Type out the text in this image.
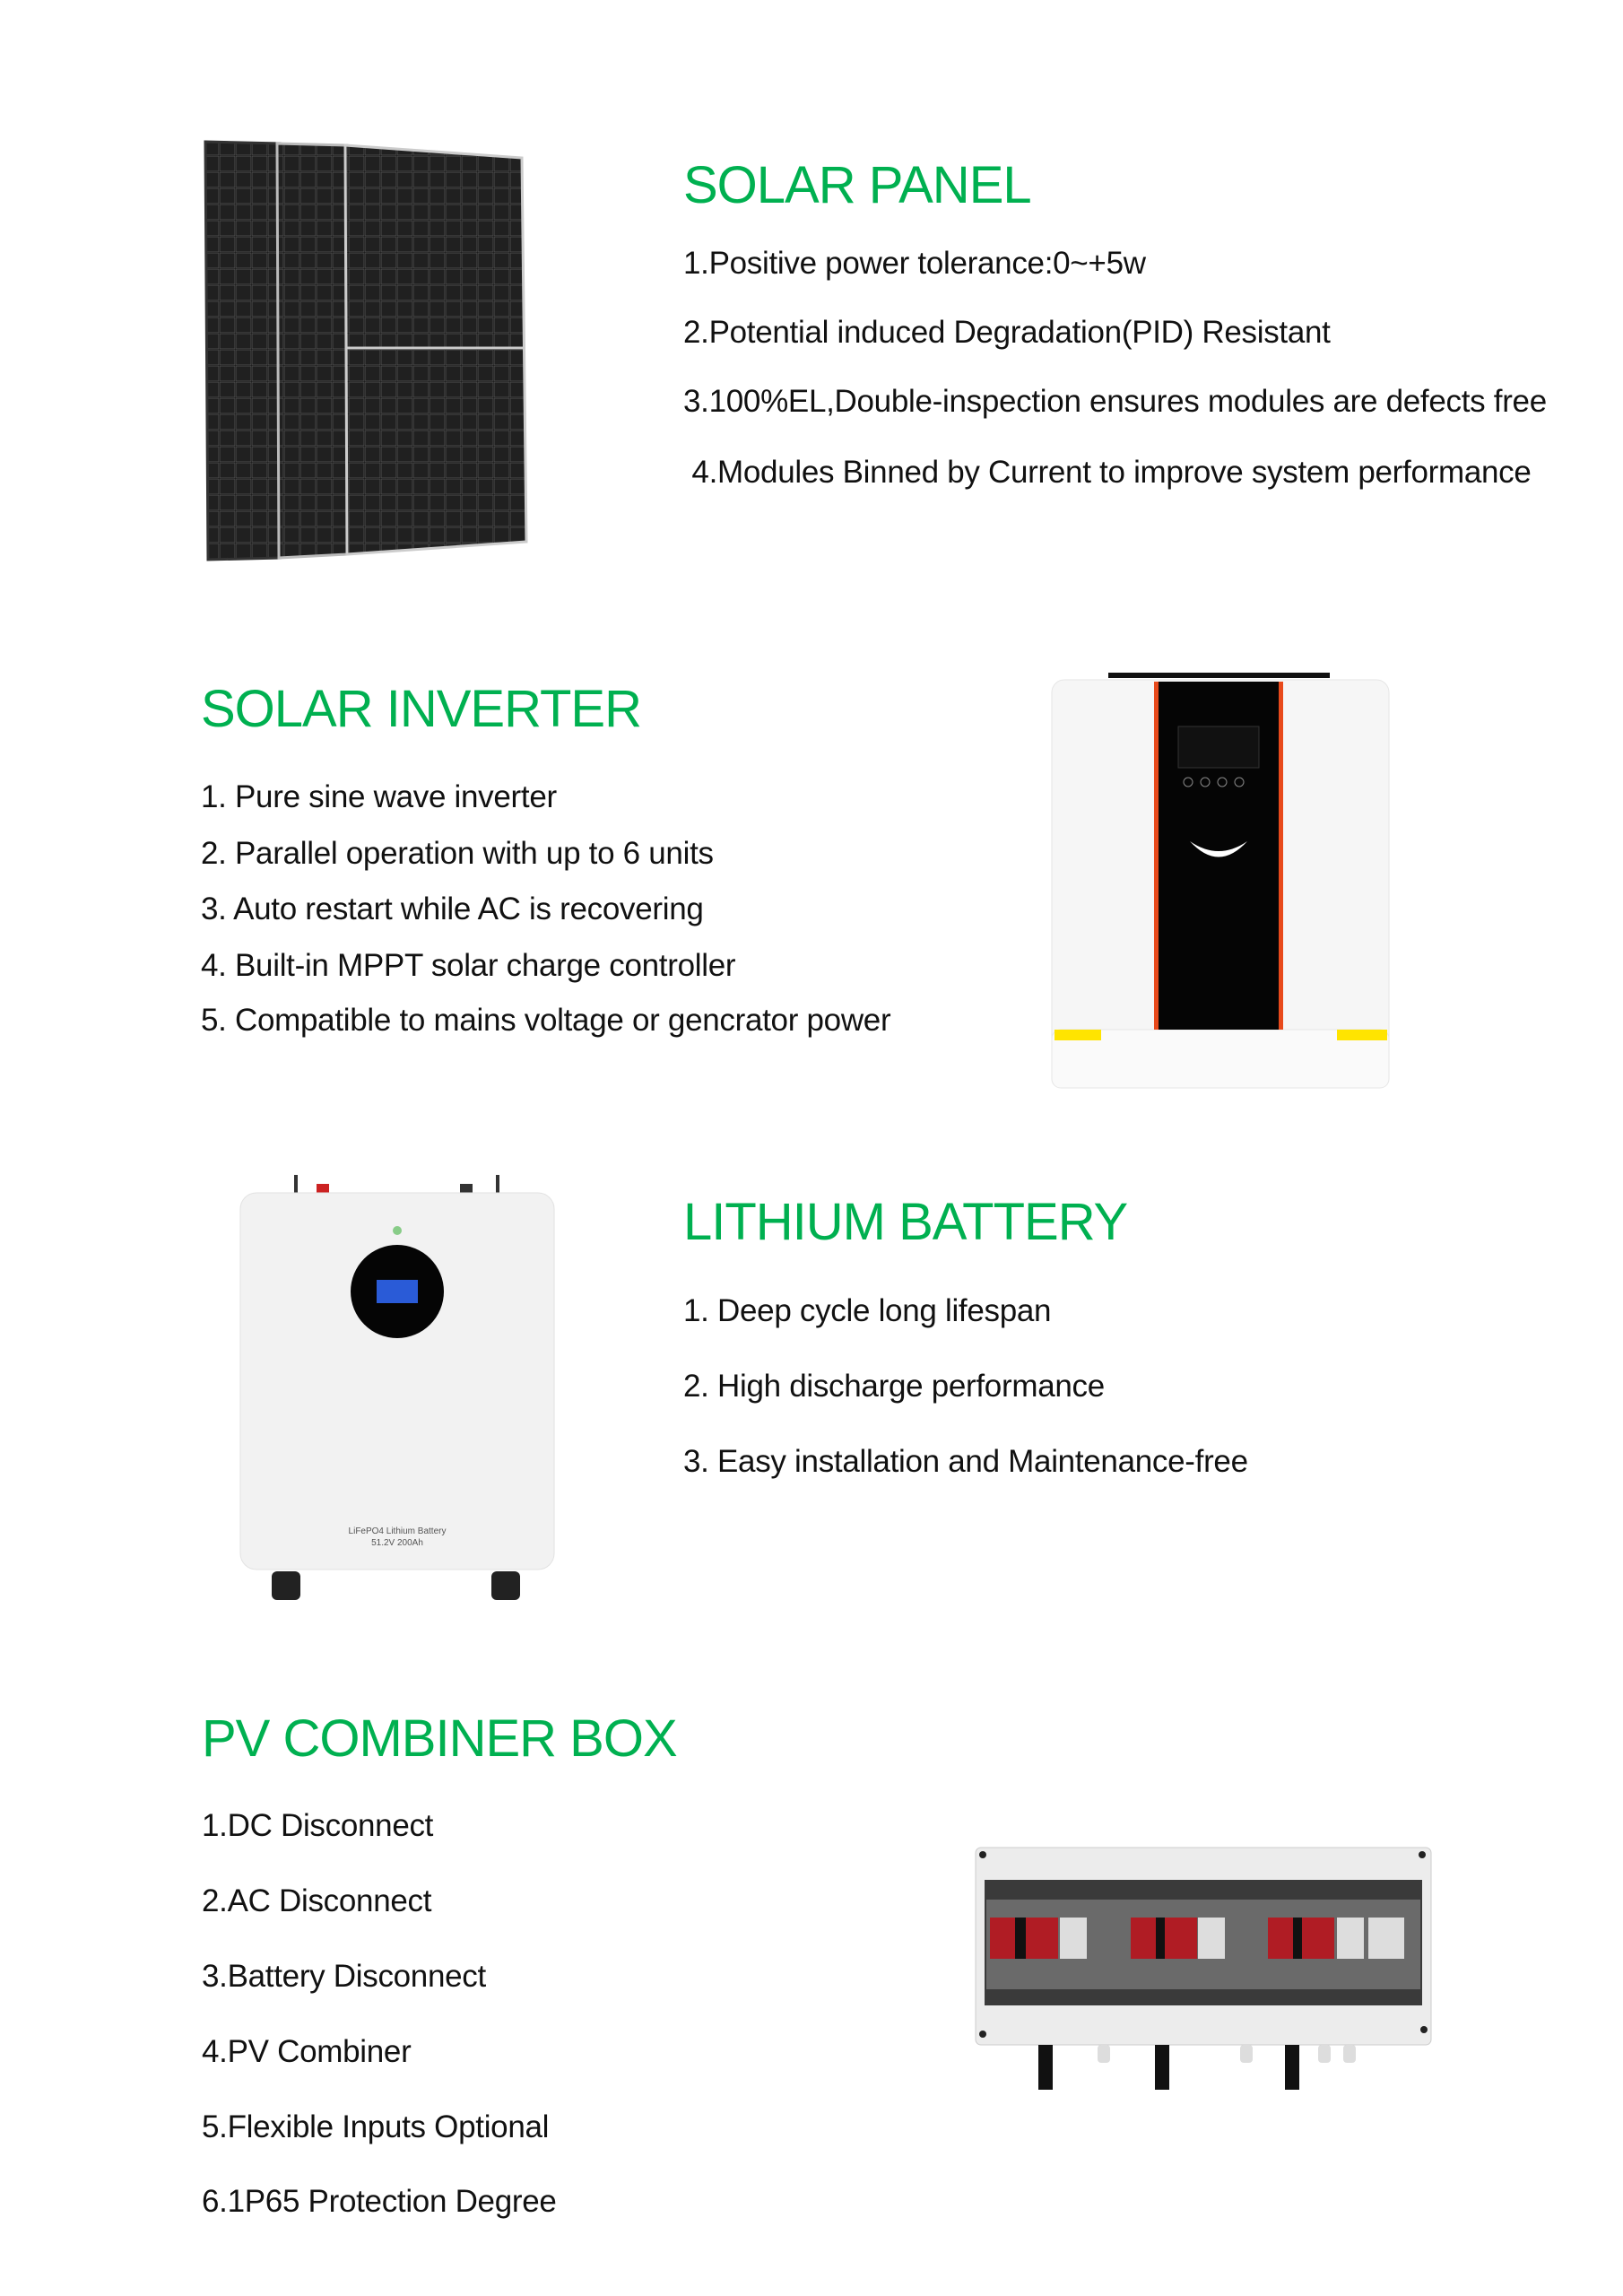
SOLAR PANEL
1.Positive power tolerance:0~+5w
2.Potential induced Degradation(PID) Resistant
3.100%EL,Double-inspection ensures modules are defects free
4.Modules Binned by Current to improve system performance
SOLAR INVERTER
1. Pure sine wave inverter
2. Parallel operation with up to 6 units
3. Auto restart while AC is recovering
4. Built-in MPPT solar charge controller
5. Compatible to mains voltage or gencrator power
LiFePO4 Lithium Battery
51.2V 200Ah
LITHIUM BATTERY
1. Deep cycle long lifespan
2. High discharge performance
3. Easy installation and Maintenance-free
PV COMBINER BOX
1.DC Disconnect
2.AC Disconnect
3.Battery Disconnect
4.PV Combiner
5.Flexible Inputs Optional
6.1P65 Protection Degree
